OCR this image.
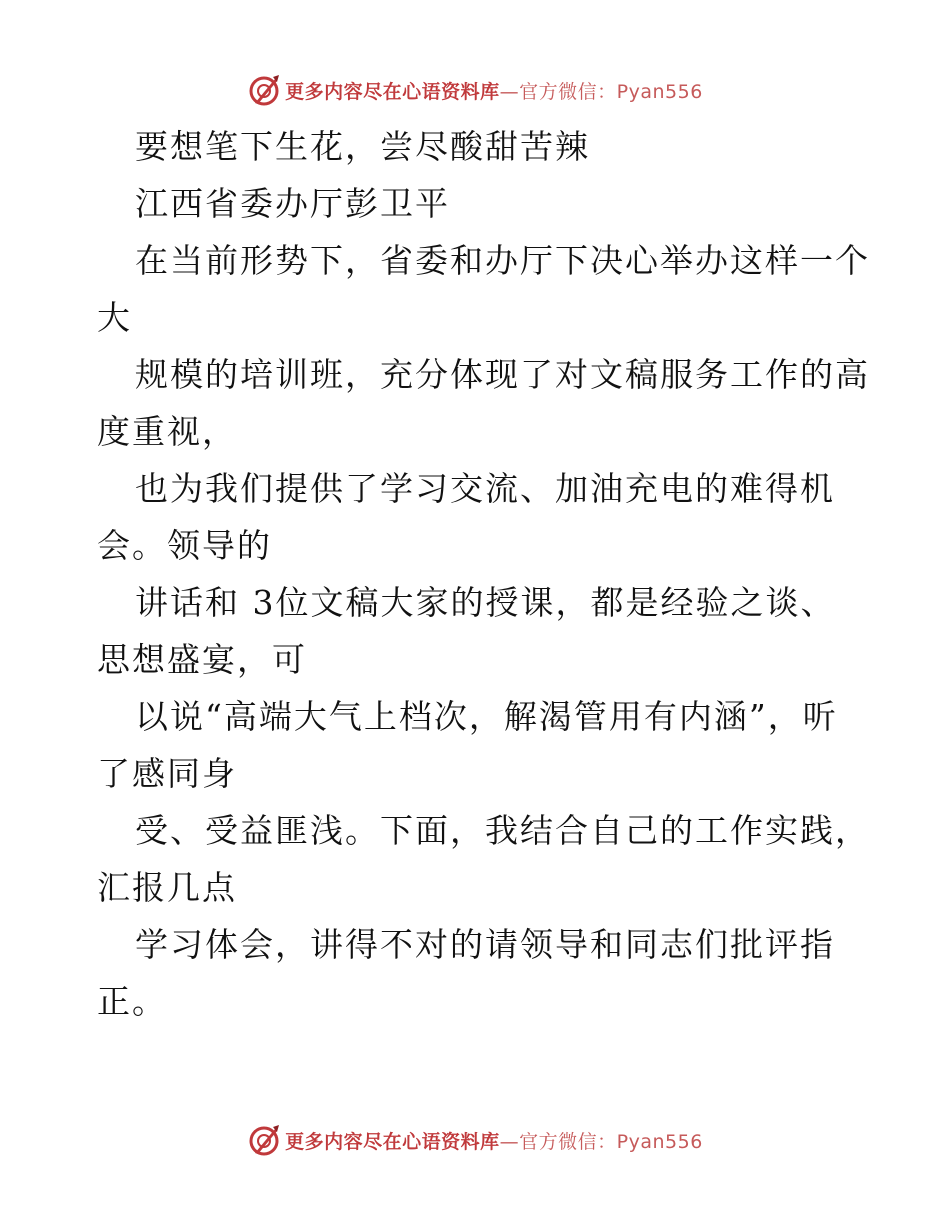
更多内容尽在心语资料库—官方微信：Pyan556
要想笔下生花，尝尽酸甜苦辣
江西省委办厅彭卫平
在当前形势下，省委和办厅下决心举办这样一个
大
规模的培训班，充分体现了对文稿服务工作的高
度重视，
也为我们提供了学习交流、加油充电的难得机
会。领导的
讲话和 3位文稿大家的授课，都是经验之谈、
思想盛宴，可
以说“高端大气上档次，解渴管用有内涵”，听
了感同身
受、受益匪浅。下面，我结合自己的工作实践，
汇报几点
学习体会，讲得不对的请领导和同志们批评指
正。
更多内容尽在心语资料库—官方微信：Pyan556
